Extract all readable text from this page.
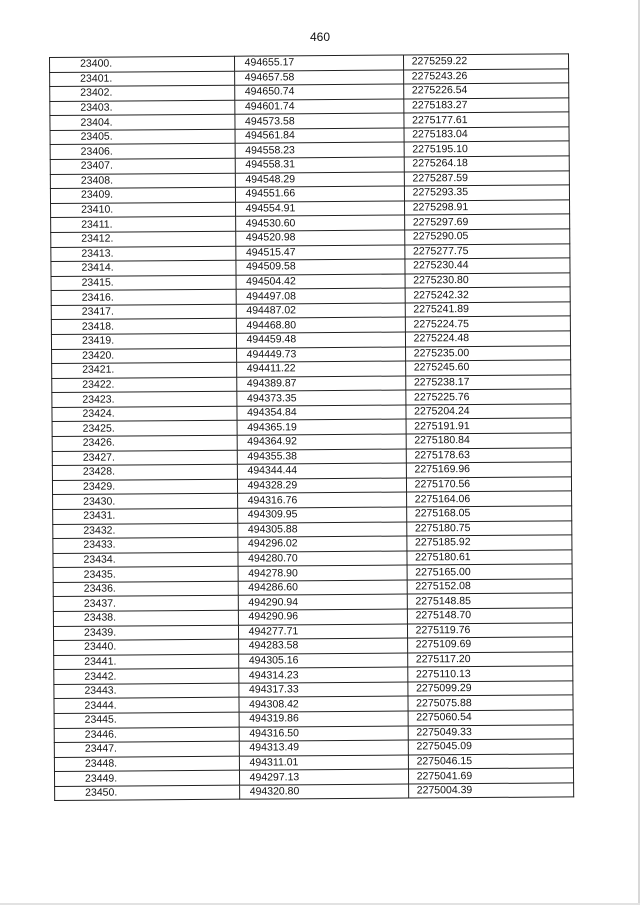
460
23400.	494655.17	2275259.22
23401.	494657.58	2275243.26
23402.	494650.74	2275226.54
23403.	494601.74	2275183.27
23404.	494573.58	2275177.61
23405.	494561.84	2275183.04
23406.	494558.23	2275195.10
23407.	494558.31	2275264.18
23408.	494548.29	2275287.59
23409.	494551.66	2275293.35
23410.	494554.91	2275298.91
23411.	494530.60	2275297.69
23412.	494520.98	2275290.05
23413.	494515.47	2275277.75
23414.	494509.58	2275230.44
23415.	494504.42	2275230.80
23416.	494497.08	2275242.32
23417.	494487.02	2275241.89
23418.	494468.80	2275224.75
23419.	494459.48	2275224.48
23420.	494449.73	2275235.00
23421.	494411.22	2275245.60
23422.	494389.87	2275238.17
23423.	494373.35	2275225.76
23424.	494354.84	2275204.24
23425.	494365.19	2275191.91
23426.	494364.92	2275180.84
23427.	494355.38	2275178.63
23428.	494344.44	2275169.96
23429.	494328.29	2275170.56
23430.	494316.76	2275164.06
23431.	494309.95	2275168.05
23432.	494305.88	2275180.75
23433.	494296.02	2275185.92
23434.	494280.70	2275180.61
23435.	494278.90	2275165.00
23436.	494286.60	2275152.08
23437.	494290.94	2275148.85
23438.	494290.96	2275148.70
23439.	494277.71	2275119.76
23440.	494283.58	2275109.69
23441.	494305.16	2275117.20
23442.	494314.23	2275110.13
23443.	494317.33	2275099.29
23444.	494308.42	2275075.88
23445.	494319.86	2275060.54
23446.	494316.50	2275049.33
23447.	494313.49	2275045.09
23448.	494311.01	2275046.15
23449.	494297.13	2275041.69
23450.	494320.80	2275004.39
